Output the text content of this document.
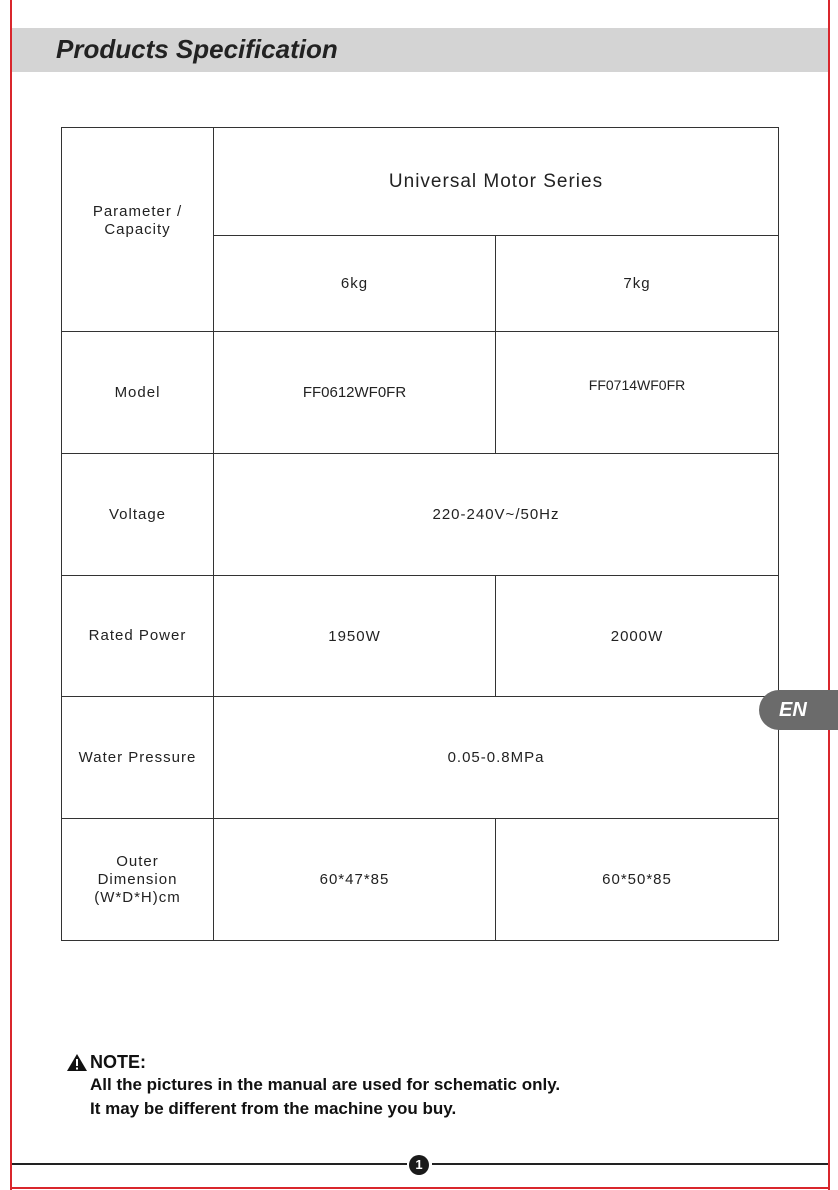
Products Specification
Parameter /
Capacity	Universal Motor Series	
	6kg	7kg
Model	FF0612WF0FR	FF0714WF0FR
Voltage	220-240V~/50Hz	
Rated Power	1950W	2000W
Water Pressure	0.05-0.8MPa	
Outer
Dimension
(W*D*H)cm	60*47*85	60*50*85
EN
NOTE:
All the pictures in the manual are used for schematic only.
It may be different from the machine you buy.
1
